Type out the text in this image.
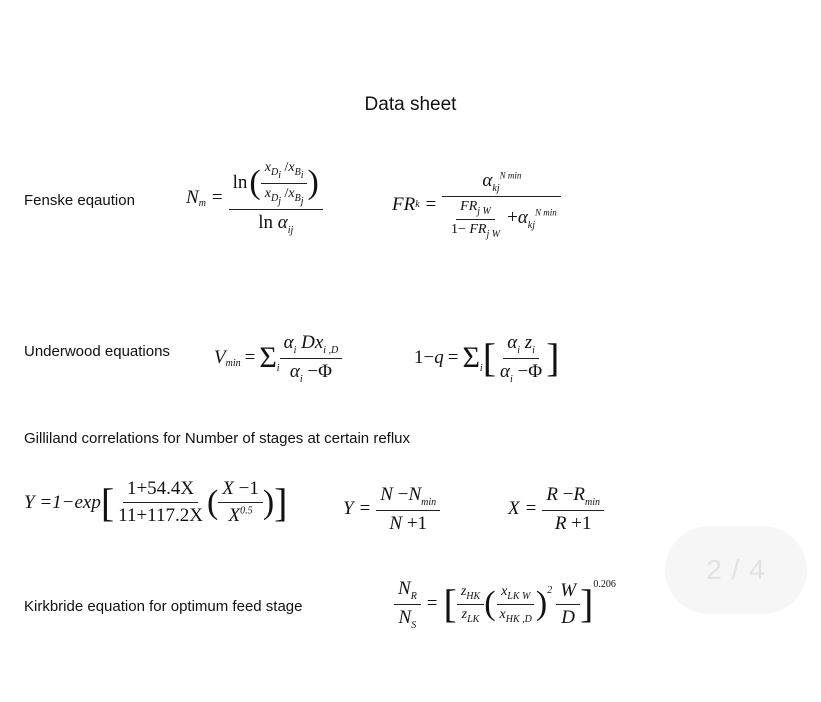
Data sheet
Fenske eqaution	$N_m$ =
ln ( $\frac{x_{D_i} /x_{B_i}}{x_{D_j} /x_{B_j}}$ )
$\ln \alpha_{ij}$
FR $k = \frac{\alpha_{kj}^{N min}}{\frac{FR_{j W}}{1- FR_{j W}} +\alpha_{kj}^{N min}}$
Underwood equations $V_{min} = \Sigma_i \frac{\alpha_i Dx_{i ,D}}{\alpha_i -\Phi}$	$1-q = \Sigma_i$ [ $\frac{\alpha_i z_i}{\alpha_i -\Phi}$ ]
Gilliland correlations for Number of stages at certain reflux
Y =1−exp [ $\frac{1+54.4X}{11+117.2X}$ ( $\frac{X -1}{X^{0.5}}$ ) ]	$Y = \frac{N -N_{min}}{N +1}$	$X = \frac{R -R_{min}}{R +1}$
2 / 4
Kirkbride equation for optimum feed stage	$\frac{N_R}{N_S}$ = [ $\frac{z_{HK}}{z_{LK}}$ ( $\frac{x_{LK W}}{x_{HK ,D}} )^2 \frac{W}{D} ]^{0.206}$
